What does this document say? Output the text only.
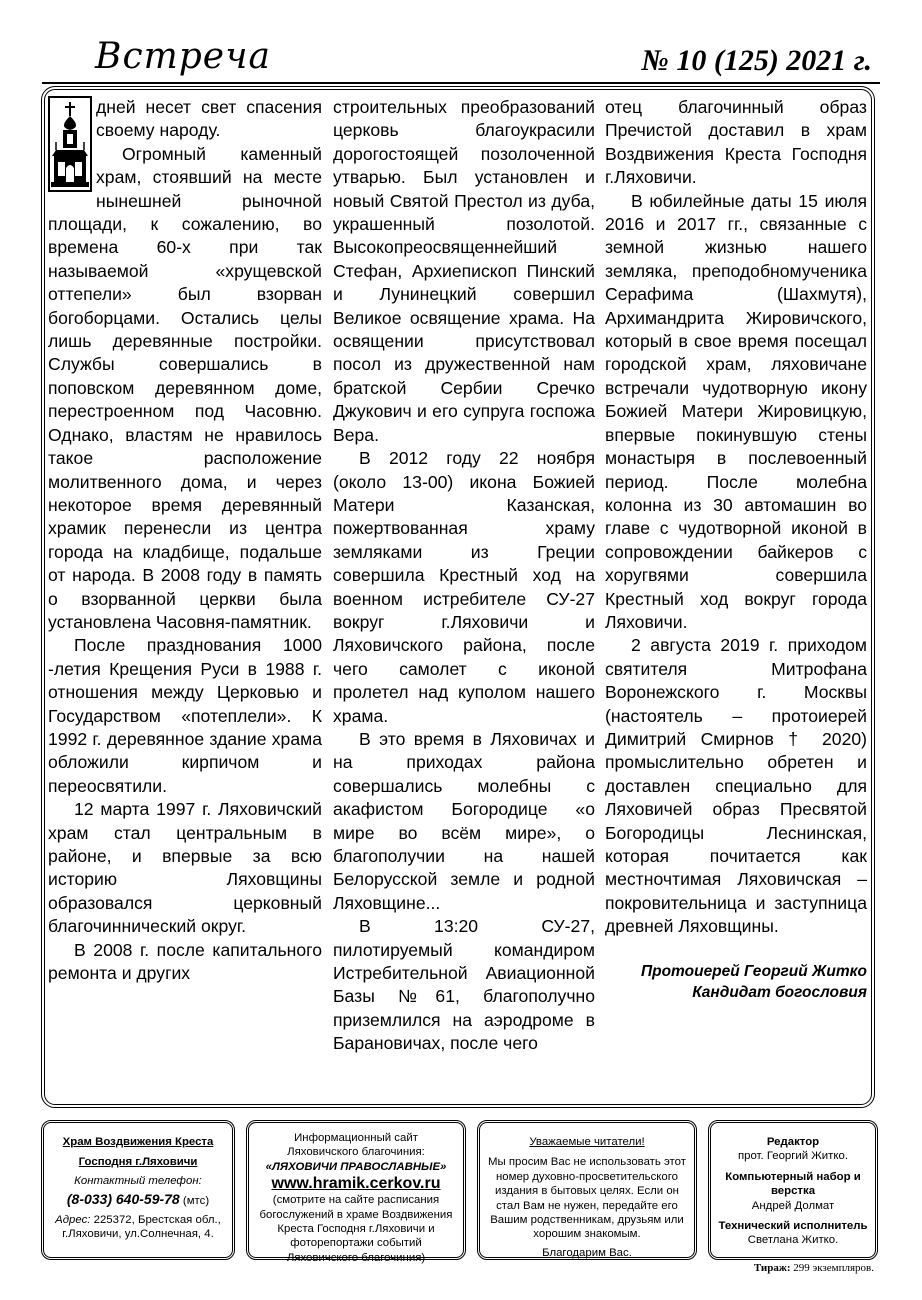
Встреча	№ 10 (125) 2021 г.

дней несет свет спасения своему народу.

Огромный каменный храм, стоявший на месте нынешней рыночной площади, к сожалению, во времена 60-х при так называемой «хрущевской оттепели» был взорван богоборцами. Остались целы лишь деревянные постройки. Службы совершались в поповском деревянном доме, перестроенном под Часовню. Однако, властям не нравилось такое расположение молитвенного дома, и через некоторое время деревянный храмик перенесли из центра города на кладбище, подальше от народа. В 2008 году в память о взорванной церкви была установлена Часовня-памятник.

После празднования 1000 -летия Крещения Руси в 1988 г. отношения между Церковью и Государством «потеплели». К 1992 г. деревянное здание храма обложили кирпичом и переосвятили.

12 марта 1997 г. Ляховичский храм стал центральным в районе, и впервые за всю историю Ляховщины образовался церковный благочиннический округ.

В 2008 г. после капитального ремонта и других

строительных преобразований церковь благоукрасили дорогостоящей позолоченной утварью. Был установлен и новый Святой Престол из дуба, украшенный позолотой. Высокопреосвященнейший Стефан, Архиепископ Пинский и Лунинецкий совершил Великое освящение храма. На освящении присутствовал посол из дружественной нам братской Сербии Сречко Джукович и его супруга госпожа Вера.

В 2012 году 22 ноября (около 13-00) икона Божией Матери Казанская, пожертвованная храму земляками из Греции совершила Крестный ход на военном истребителе СУ-27 вокруг г.Ляховичи и Ляховичского района, после чего самолет с иконой пролетел над куполом нашего храма.

В это время в Ляховичах и на приходах района совершались молебны с акафистом Богородице «о мире во всём мире», о благополучии на нашей Белорусской земле и родной Ляховщине...

В 13:20 СУ-27, пилотируемый командиром Истребительной Авиационной Базы №61, благополучно приземлился на аэродроме в Барановичах, после чего

отец благочинный образ Пречистой доставил в храм Воздвижения Креста Господня г.Ляховичи.

В юбилейные даты 15 июля 2016 и 2017 гг., связанные с земной жизнью нашего земляка, преподобномученика Серафима (Шахмутя), Архимандрита Жировичского, который в свое время посещал городской храм, ляховичане встречали чудотворную икону Божией Матери Жировицкую, впервые покинувшую стены монастыря в послевоенный период. После молебна колонна из 30 автомашин во главе с чудотворной иконой в сопровождении байкеров с хоругвями совершила Крестный ход вокруг города Ляховичи.

2 августа 2019 г. приходом святителя Митрофана Воронежского г. Москвы (настоятель – протоиерей Димитрий Смирнов † 2020) промыслительно обретен и доставлен специально для Ляховичей образ Пресвятой Богородицы Леснинская, которая почитается как местночтимая Ляховичская – покровительница и заступница древней Ляховщины.

Протоиерей Георгий Житко
Кандидат богословия

Храм Воздвижения Креста
Господня г.Ляховичи
Контактный телефон:
(8-033) 640-59-78 (мтс)
Адрес: 225372, Брестская обл.,
г.Ляховичи, ул.Солнечная, 4.
Информационный сайт
Ляховичского благочиния:
«ЛЯХОВИЧИ ПРАВОСЛАВНЫЕ»
www.hramik.cerkov.ru
(смотрите на сайте расписания богослужений в храме Воздвижения Креста Господня г.Ляховичи и фоторепортажи событий Ляховичского благочиния)
Уважаемые читатели!
Мы просим Вас не использовать этот номер духовно-просветительского издания в бытовых целях. Если он стал Вам не нужен, передайте его Вашим родственникам, друзьям или хорошим знакомым.
Благодарим Вас.
Редактор
прот. Георгий Житко.
Компьютерный набор и верстка
Андрей Долмат
Технический исполнитель
Светлана Житко.
Тираж: 299 экземпляров.
